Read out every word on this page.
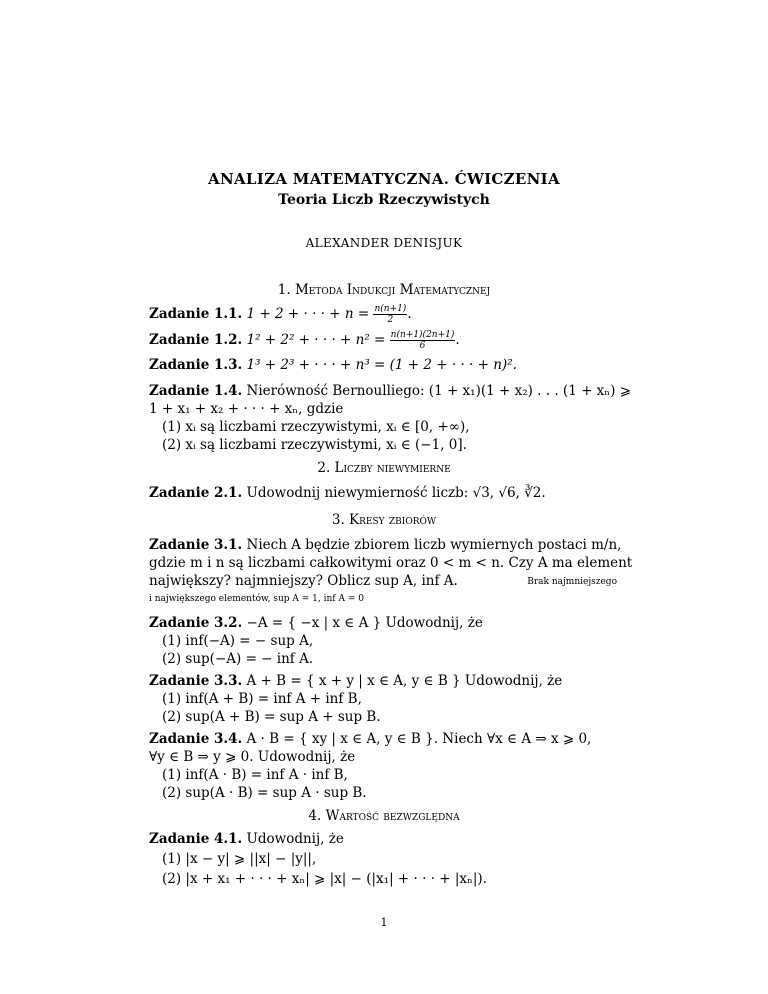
ANALIZA MATEMATYCZNA. ĆWICZENIA
Teoria Liczb Rzeczywistych
ALEXANDER DENISJUK
1. Metoda Indukcji Matematycznej
Zadanie 1.1. 1 + 2 + · · · + $n = \frac{n(n+1)}{2}$ .
Zadanie 1.2. 1² + 2² + · · · + $n^2 = \frac{n(n+1)(2n+1)}{6}$ .
Zadanie 1.3. 1³ + 2³ + · · · + n³ = (1 + 2 + · · · + n)².
Zadanie 1.4. Nierówność Bernoulliego: (1 + x₁)(1 + x₂) . . . (1 + xₙ) ⩾
1 + x₁ + x₂ + · · · + xₙ, gdzie
(1) xᵢ są liczbami rzeczywistymi, xᵢ ∈ [0, +∞),
(2) xᵢ są liczbami rzeczywistymi, xᵢ ∈ (−1, 0].
2. Liczby niewymierne
Zadanie 2.1. Udowodnij niewymierność liczb: √3, √6, ∛2.
3. Kresy zbiorów
Zadanie 3.1. Niech A będzie zbiorem liczb wymiernych postaci m/n,
gdzie m i n są liczbami całkowitymi oraz 0 < m < n. Czy A ma element
największy? najmniejszy? Oblicz sup A, inf A.	Brak najmniejszego
i największego elementów, sup A = 1, inf A = 0
Zadanie 3.2. −A = { −x | x ∈ A } Udowodnij, że
(1) inf(−A) = − sup A,
(2) sup(−A) = − inf A.
Zadanie 3.3. A + B = { x + y | x ∈ A, y ∈ B } Udowodnij, że
(1) inf(A + B) = inf A + inf B,
(2) sup(A + B) = sup A + sup B.
Zadanie 3.4. A · B = { xy | x ∈ A, y ∈ B }. Niech ∀x ∈ A ⇒ x ⩾ 0,
∀y ∈ B ⇒ y ⩾ 0. Udowodnij, że
(1) inf(A · B) = inf A · inf B,
(2) sup(A · B) = sup A · sup B.
4. Wartość bezwzględna
Zadanie 4.1. Udowodnij, że
(1) |x − y| ⩾ ||x| − |y||,
(2) |x + x₁ + · · · + xₙ| ⩾ |x| − (|x₁| + · · · + |xₙ|).
1
